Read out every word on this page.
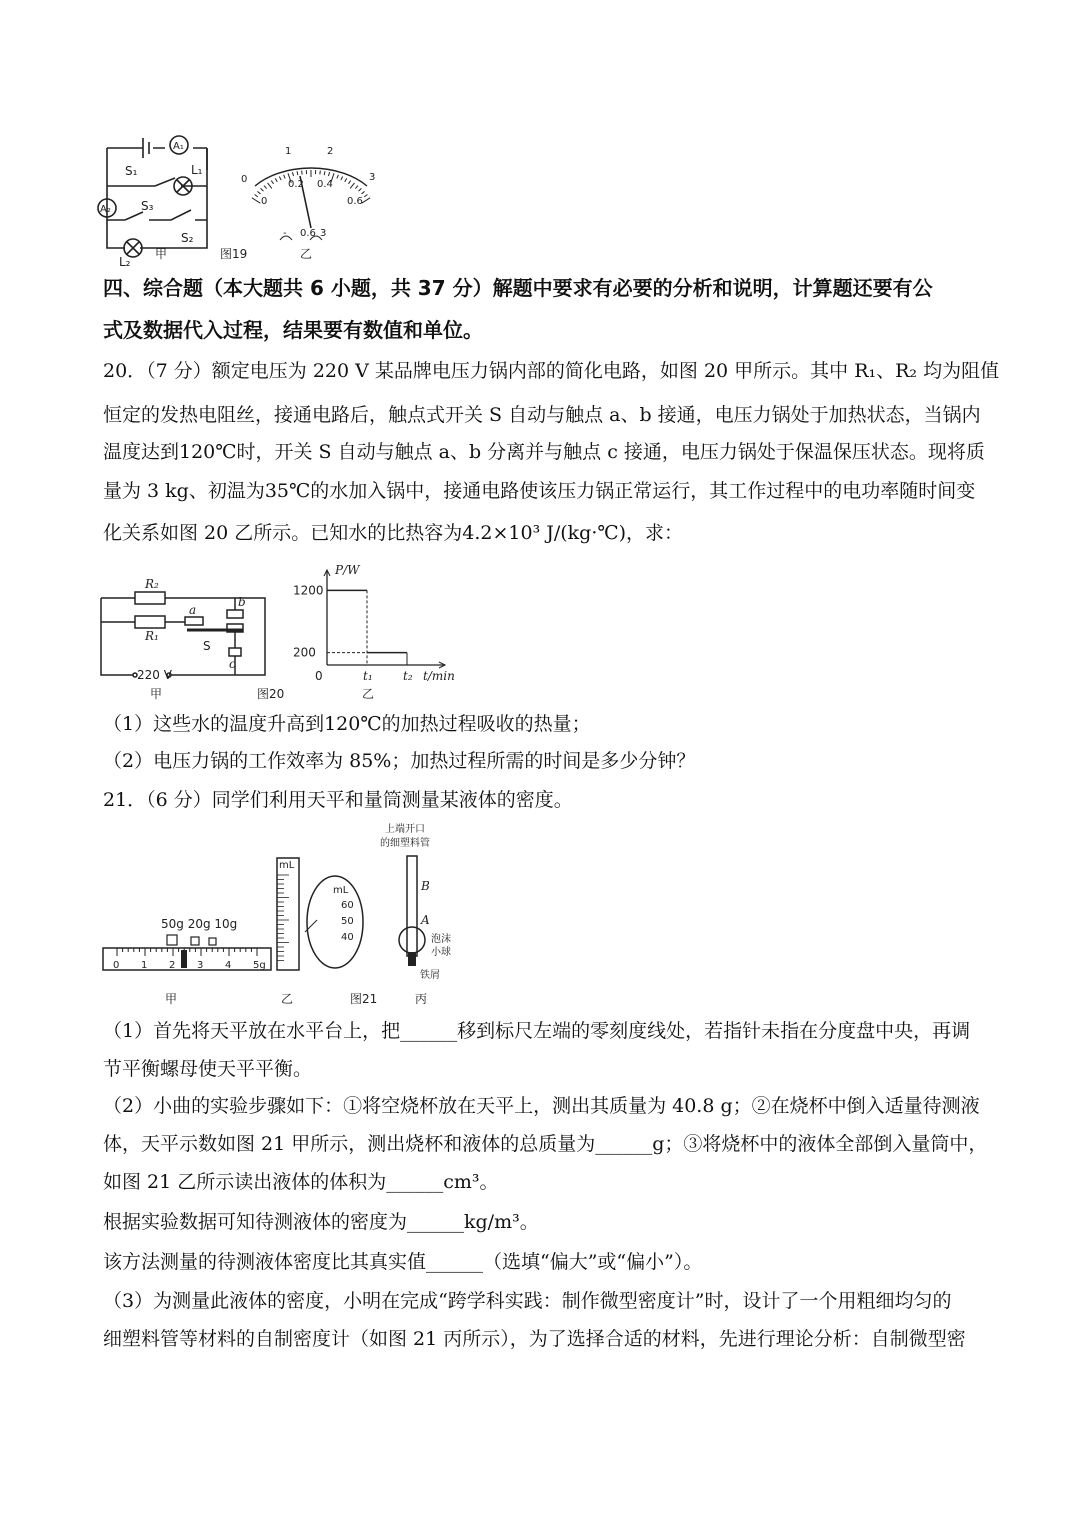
A₁
A₂
L₁
L₂
S₁
S₃
S₂
甲	图19
0
1	2
3
0
0.2 0.4
0.6
- 0.6 3
乙
四、综合题（本大题共 6 小题，共 37 分）解题中要求有必要的分析和说明，计算题还要有公
式及数据代入过程，结果要有数值和单位。
20．（7 分）额定电压为 220 V 某品牌电压力锅内部的简化电路，如图 20 甲所示。其中 R₁、R₂ 均为阻值
恒定的发热电阻丝，接通电路后，触点式开关 S 自动与触点 a、b 接通，电压力锅处于加热状态，当锅内
温度达到120℃时，开关 S 自动与触点 a、b 分离并与触点 c 接通，电压力锅处于保温保压状态。现将质
量为 3 kg、初温为35℃的水加入锅中，接通电路使该压力锅正常运行，其工作过程中的电功率随时间变
化关系如图 20 乙所示。已知水的比热容为4.2×10³ J/(kg·℃)，求：
R₂
R₁
a
b
c
S
220 V
甲	图20
1200
200
t₁	t₂
P/W
t/min
0
乙
（1）这些水的温度升高到120℃的加热过程吸收的热量；
（2）电压力锅的工作效率为 85%；加热过程所需的时间是多少分钟？
21．（6 分）同学们利用天平和量筒测量某液体的密度。
50g 20g 10g
甲
mL
mL
60
50
40
乙	图21
上端开口
的细塑料管
B
A
泡沫
小球
铁屑
丙
0 1 2 3 4 5g
（1）首先将天平放在水平台上，把______移到标尺左端的零刻度线处，若指针未指在分度盘中央，再调
节平衡螺母使天平平衡。
（2）小曲的实验步骤如下：①将空烧杯放在天平上，测出其质量为 40.8 g；②在烧杯中倒入适量待测液
体，天平示数如图 21 甲所示，测出烧杯和液体的总质量为______g；③将烧杯中的液体全部倒入量筒中，
如图 21 乙所示读出液体的体积为______cm³。
根据实验数据可知待测液体的密度为______kg/m³。
该方法测量的待测液体密度比其真实值______（选填“偏大”或“偏小”）。
（3）为测量此液体的密度，小明在完成“跨学科实践：制作微型密度计”时，设计了一个用粗细均匀的
细塑料管等材料的自制密度计（如图 21 丙所示），为了选择合适的材料，先进行理论分析：自制微型密
